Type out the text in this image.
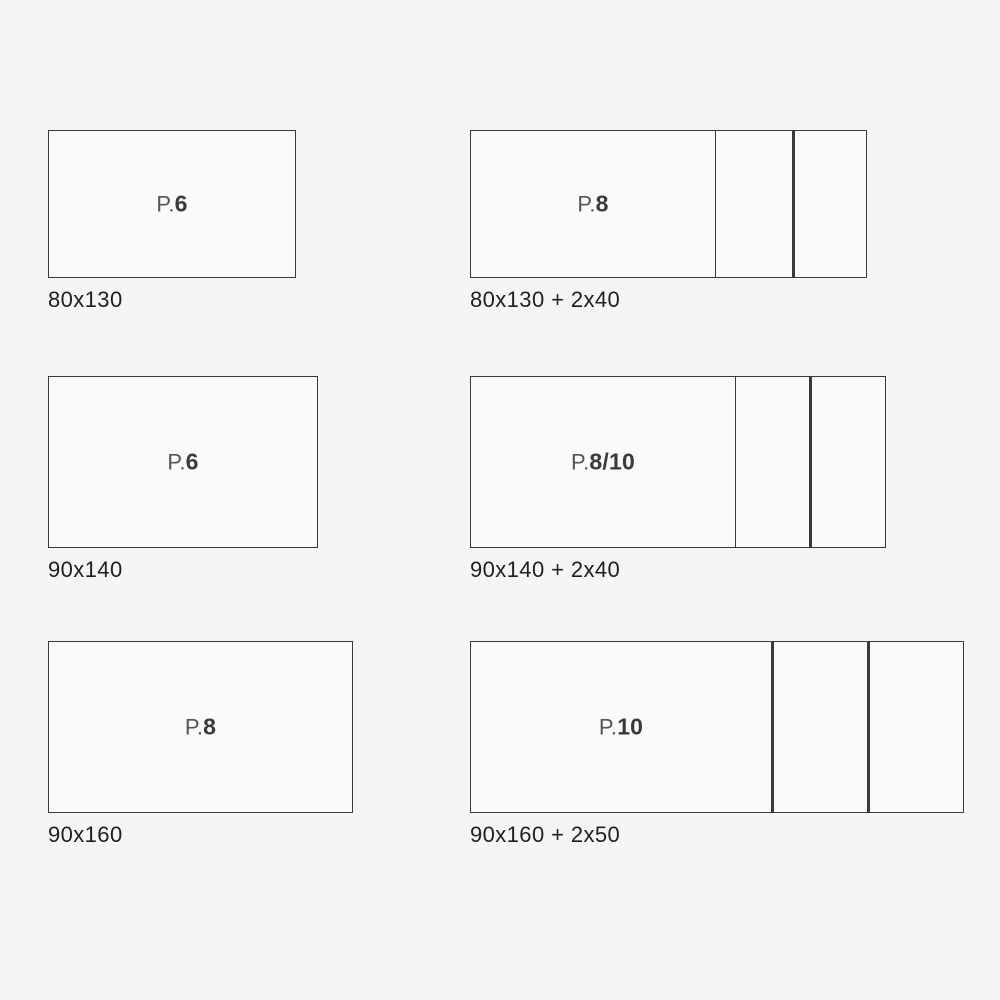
P.6
80x130
P.8
80x130 + 2x40
P.6
90x140
P.8/10
90x140 + 2x40
P.8
90x160
P.10
90x160 + 2x50
